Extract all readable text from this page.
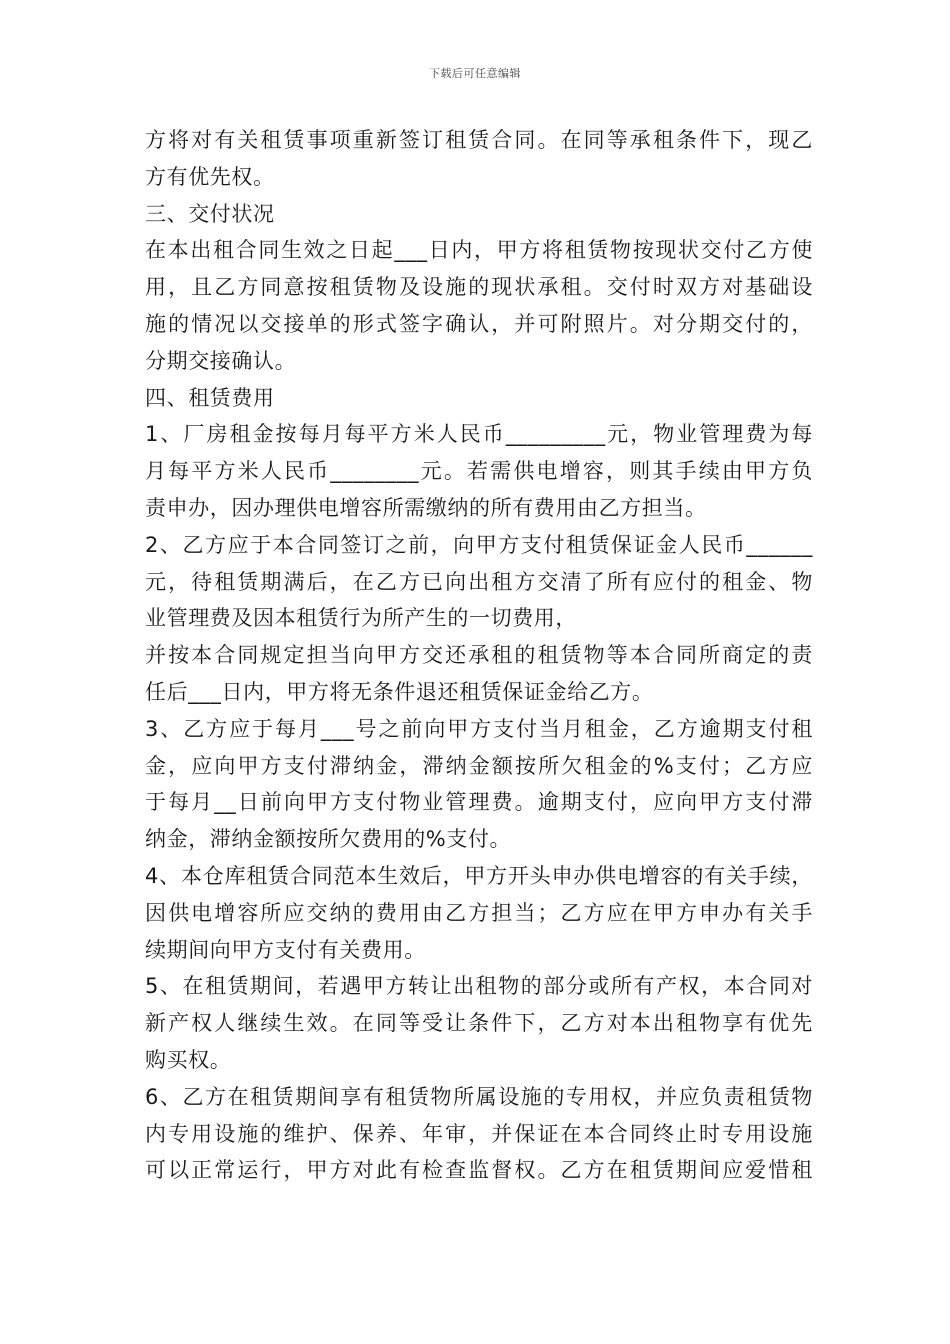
下载后可任意编辑
方将对有关租赁事项重新签订租赁合同。在同等承租条件下，现乙
方有优先权。
三、交付状况
在本出租合同生效之日起___日内，甲方将租赁物按现状交付乙方使
用，且乙方同意按租赁物及设施的现状承租。交付时双方对基础设
施的情况以交接单的形式签字确认，并可附照片。对分期交付的，
分期交接确认。
四、租赁费用
1、厂房租金按每月每平方米人民币_________元，物业管理费为每
月每平方米人民币________元。若需供电增容，则其手续由甲方负
责申办，因办理供电增容所需缴纳的所有费用由乙方担当。
2、乙方应于本合同签订之前，向甲方支付租赁保证金人民币______
元，待租赁期满后，在乙方已向出租方交清了所有应付的租金、物
业管理费及因本租赁行为所产生的一切费用，
并按本合同规定担当向甲方交还承租的租赁物等本合同所商定的责
任后___日内，甲方将无条件退还租赁保证金给乙方。
3、乙方应于每月___号之前向甲方支付当月租金，乙方逾期支付租
金，应向甲方支付滞纳金，滞纳金额按所欠租金的%支付；乙方应
于每月__日前向甲方支付物业管理费。逾期支付，应向甲方支付滞
纳金，滞纳金额按所欠费用的%支付。
4、本仓库租赁合同范本生效后，甲方开头申办供电增容的有关手续，
因供电增容所应交纳的费用由乙方担当；乙方应在甲方申办有关手
续期间向甲方支付有关费用。
5、在租赁期间，若遇甲方转让出租物的部分或所有产权，本合同对
新产权人继续生效。在同等受让条件下，乙方对本出租物享有优先
购买权。
6、乙方在租赁期间享有租赁物所属设施的专用权，并应负责租赁物
内专用设施的维护、保养、年审，并保证在本合同终止时专用设施
可以正常运行，甲方对此有检查监督权。乙方在租赁期间应爱惜租
